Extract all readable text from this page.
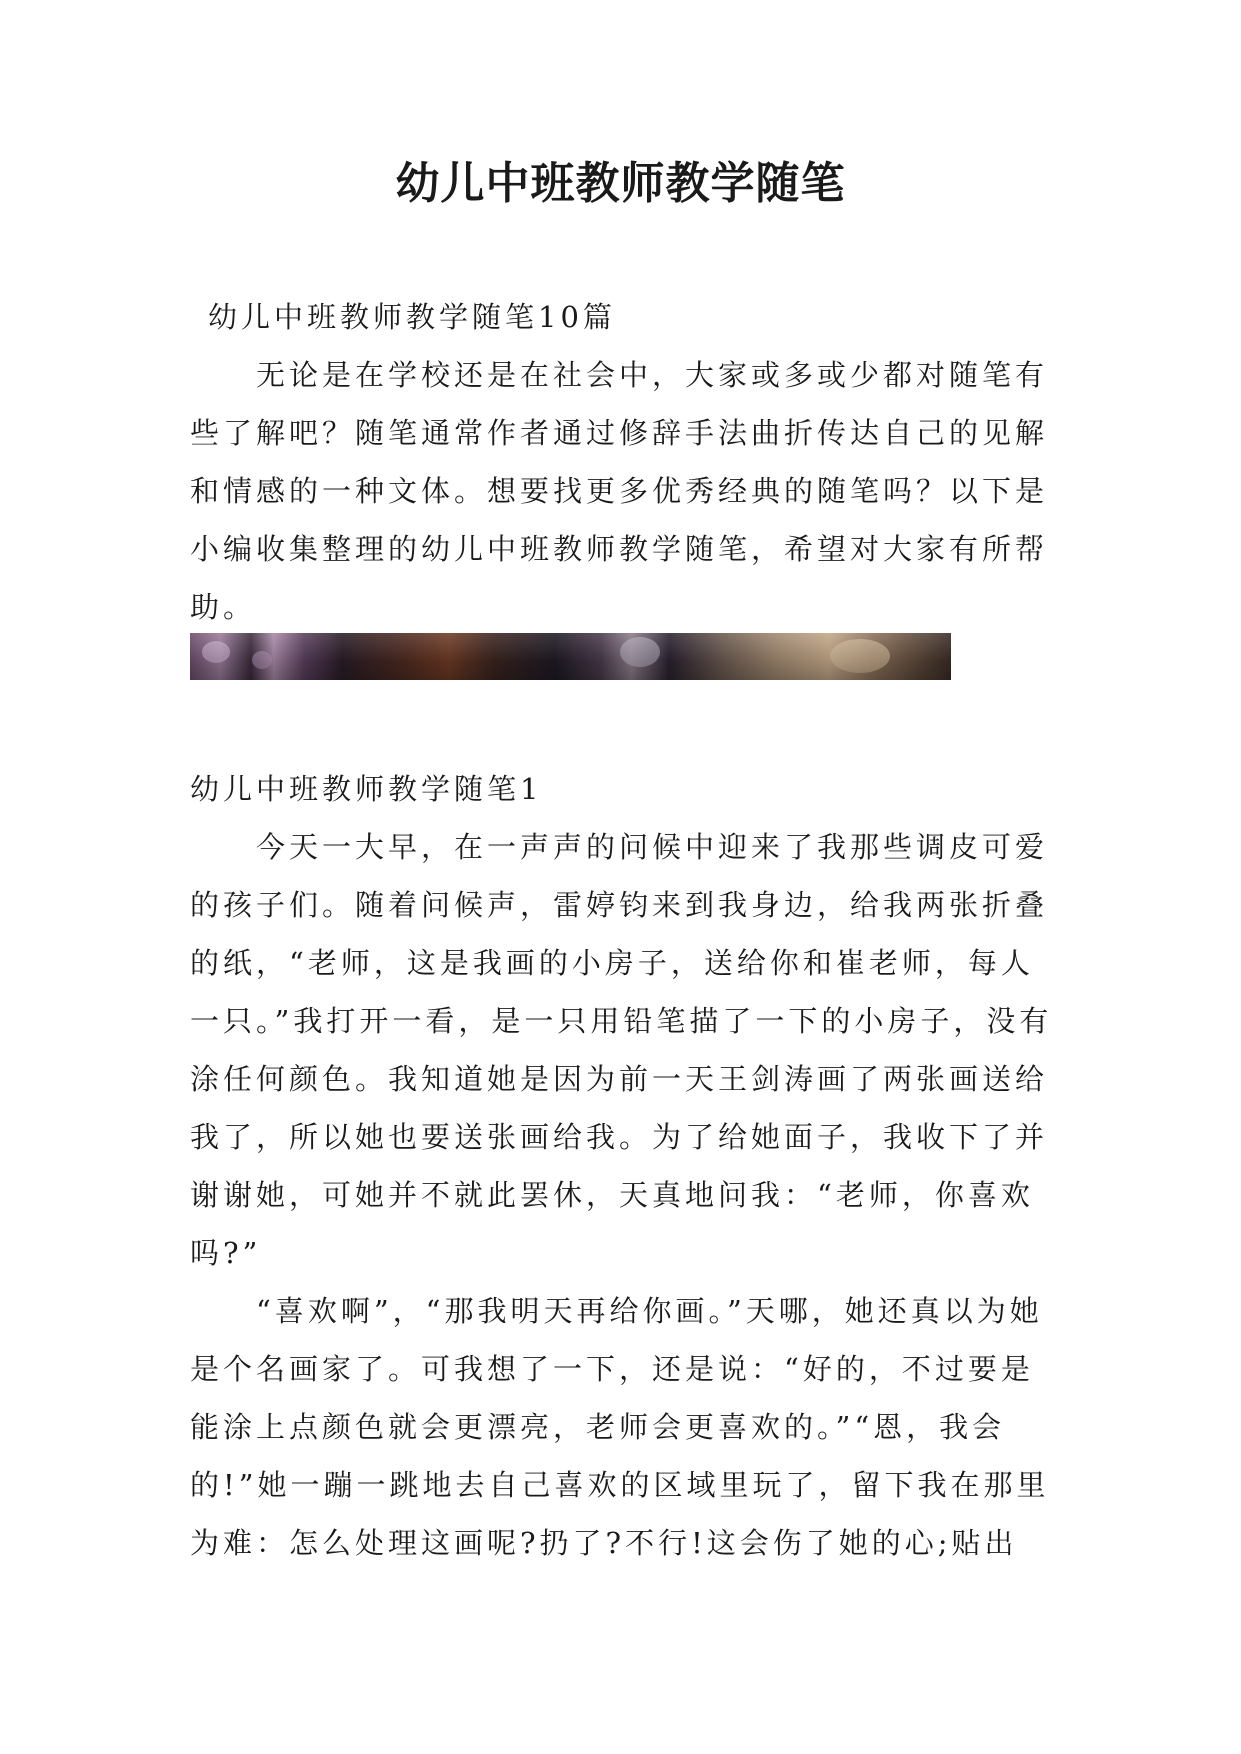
幼儿中班教师教学随笔

幼儿中班教师教学随笔10篇

无论是在学校还是在社会中，大家或多或少都对随笔有些了解吧？随笔通常作者通过修辞手法曲折传达自己的见解和情感的一种文体。想要找更多优秀经典的随笔吗？以下是小编收集整理的幼儿中班教师教学随笔，希望对大家有所帮助。

幼儿中班教师教学随笔1

今天一大早，在一声声的问候中迎来了我那些调皮可爱的孩子们。随着问候声，雷婷钧来到我身边，给我两张折叠的纸，“老师，这是我画的小房子，送给你和崔老师，每人一只。”我打开一看，是一只用铅笔描了一下的小房子，没有涂任何颜色。我知道她是因为前一天王剑涛画了两张画送给我了，所以她也要送张画给我。为了给她面子，我收下了并谢谢她，可她并不就此罢休，天真地问我：“老师，你喜欢吗?”

“喜欢啊”，“那我明天再给你画。”天哪，她还真以为她是个名画家了。可我想了一下，还是说：“好的，不过要是能涂上点颜色就会更漂亮，老师会更喜欢的。”“恩，我会的!”她一蹦一跳地去自己喜欢的区域里玩了，留下我在那里为难：怎么处理这画呢?扔了?不行!这会伤了她的心;贴出
